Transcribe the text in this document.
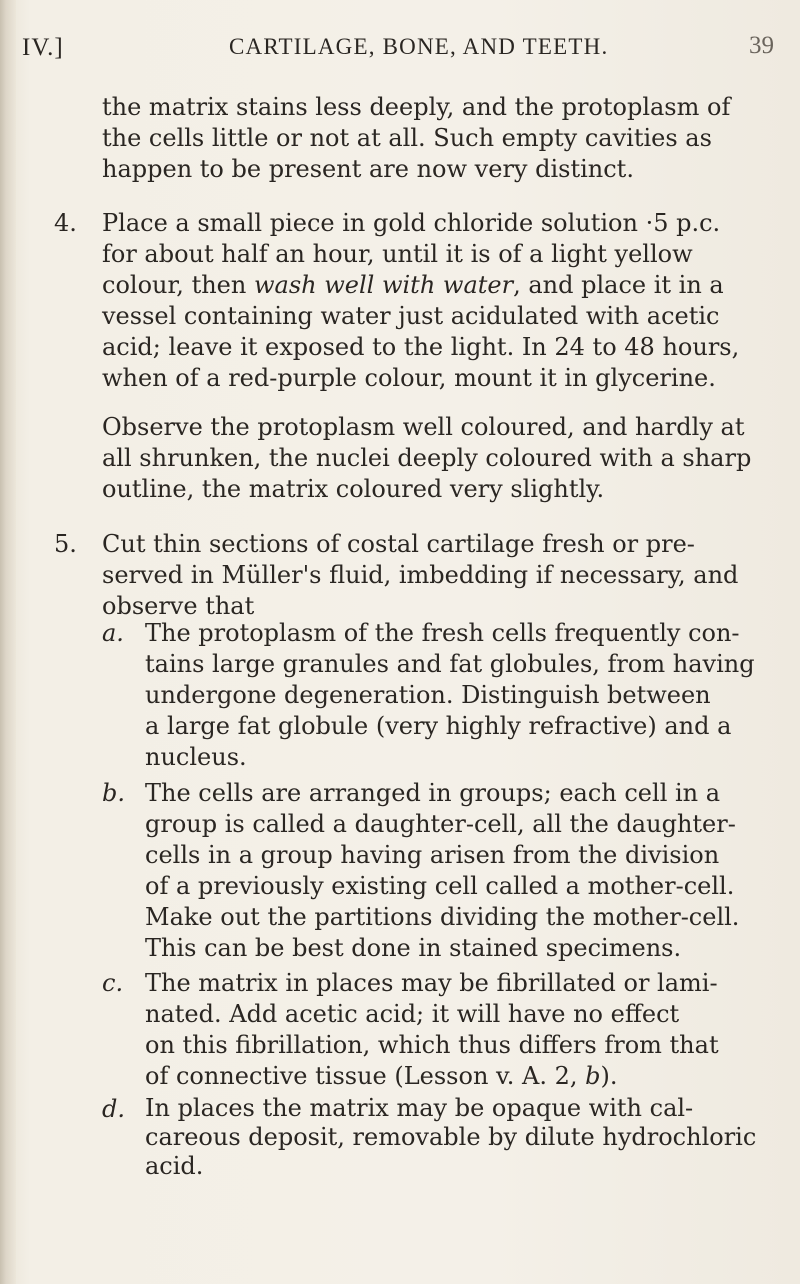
IV.]	CARTILAGE, BONE, AND TEETH.	39
the matrix stains less deeply, and the protoplasm of
the cells little or not at all. Such empty cavities as
happen to be present are now very distinct.
4. Place a small piece in gold chloride solution ·5 p.c.
for about half an hour, until it is of a light yellow
colour, then wash well with water, and place it in a
vessel containing water just acidulated with acetic
acid; leave it exposed to the light. In 24 to 48 hours,
when of a red-purple colour, mount it in glycerine.
Observe the protoplasm well coloured, and hardly at
all shrunken, the nuclei deeply coloured with a sharp
outline, the matrix coloured very slightly.
5. Cut thin sections of costal cartilage fresh or pre-
served in Müller's fluid, imbedding if necessary, and
observe that
a. The protoplasm of the fresh cells frequently con-
tains large granules and fat globules, from having
undergone degeneration. Distinguish between
a large fat globule (very highly refractive) and a
nucleus.
b. The cells are arranged in groups; each cell in a
group is called a daughter-cell, all the daughter-
cells in a group having arisen from the division
of a previously existing cell called a mother-cell.
Make out the partitions dividing the mother-cell.
This can be best done in stained specimens.
c. The matrix in places may be fibrillated or lami-
nated. Add acetic acid; it will have no effect
on this fibrillation, which thus differs from that
of connective tissue (Lesson v. A. 2, b).
d. In places the matrix may be opaque with cal-
careous deposit, removable by dilute hydrochloric
acid.
